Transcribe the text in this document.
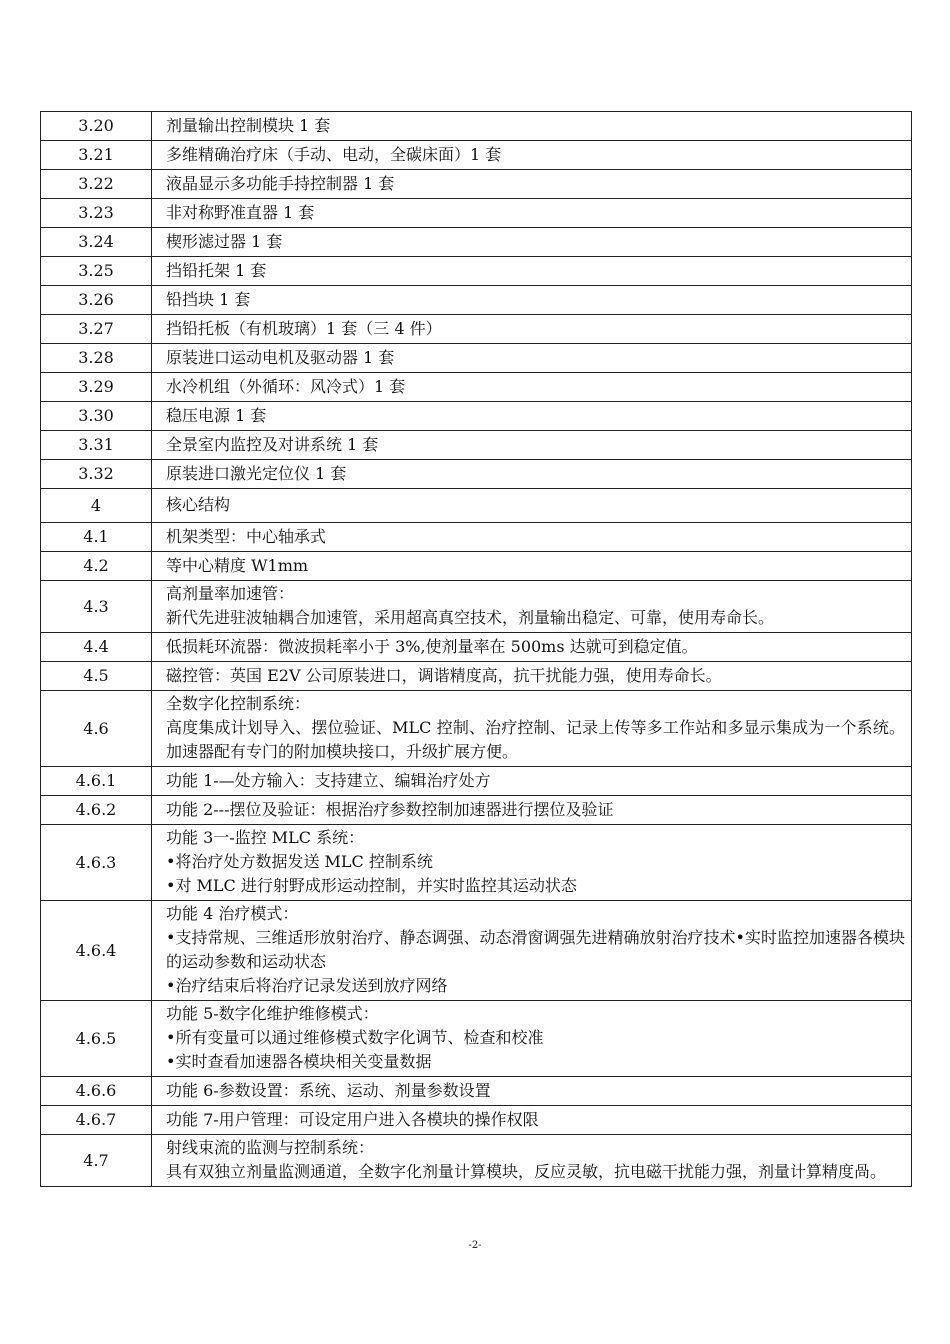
3.20	剂量输出控制模块 1 套

3.21	多维精确治疗床（手动、电动，全碳床面）1 套

3.22	液晶显示多功能手持控制器 1 套

3.23	非对称野准直器 1 套

3.24	楔形滤过器 1 套

3.25	挡铅托架 1 套

3.26	铅挡块 1 套

3.27	挡铅托板（有机玻璃）1 套（三 4 件）

3.28	原装进口运动电机及驱动器 1 套

3.29	水冷机组（外循环：风冷式）1 套

3.30	稳压电源 1 套

3.31	全景室内监控及对讲系统 1 套

3.32	原装进口激光定位仪 1 套

4	核心结构

4.1	机架类型：中心轴承式

4.2	等中心精度 W1mm

4.3	高剂量率加速管：
新代先进驻波轴耦合加速管，采用超高真空技术，剂量输出稳定、可靠，使用寿命长。

4.4	低损耗环流器：微波损耗率小于 3%,使剂量率在 500ms 达就可到稳定值。

4.5	磁控管：英国 E2V 公司原装进口，调谐精度高，抗干扰能力强，使用寿命长。

4.6	全数字化控制系统：
高度集成计划导入、摆位验证、MLC 控制、治疗控制、记录上传等多工作站和多显示集成为一个系统。加速器配有专门的附加模块接口，升级扩展方便。

4.6.1	功能 1-—处方输入：支持建立、编辑治疗处方

4.6.2	功能 2---摆位及验证：根据治疗参数控制加速器进行摆位及验证

4.6.3	功能 3一-监控 MLC 系统：
•将治疗处方数据发送 MLC 控制系统
•对 MLC 进行射野成形运动控制，并实时监控其运动状态

4.6.4	功能 4 治疗模式：
•支持常规、三维适形放射治疗、静态调强、动态滑窗调强先进精确放射治疗技术•实时监控加速器各模块的运动参数和运动状态
•治疗结束后将治疗记录发送到放疗网络

4.6.5	功能 5-数字化维护维修模式：
•所有变量可以通过维修模式数字化调节、检查和校准
•实时查看加速器各模块相关变量数据

4.6.6	功能 6-参数设置：系统、运动、剂量参数设置

4.6.7	功能 7-用户管理：可设定用户进入各模块的操作权限

4.7	射线束流的监测与控制系统：
具有双独立剂量监测通道，全数字化剂量计算模块，反应灵敏，抗电磁干扰能力强，剂量计算精度咼。
-2-
